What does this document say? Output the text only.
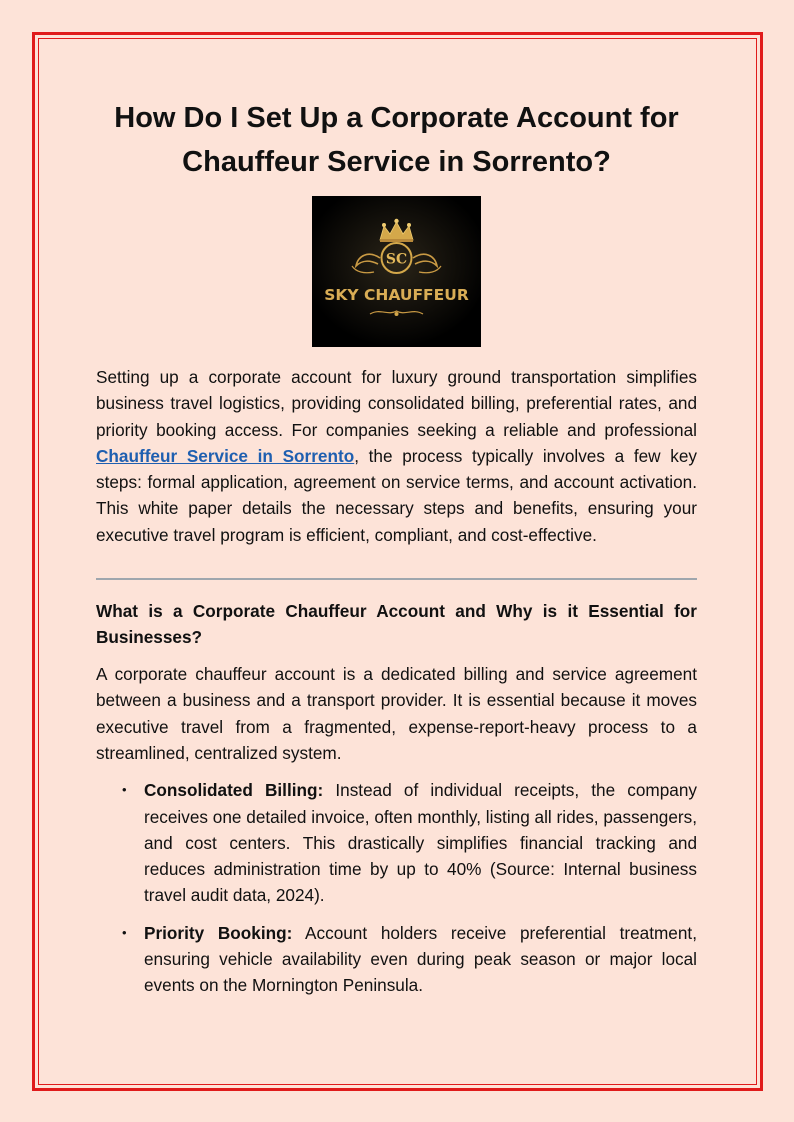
How Do I Set Up a Corporate Account for Chauffeur Service in Sorrento?
SC
SKY CHAUFFEUR

Setting up a corporate account for luxury ground transportation simplifies business travel logistics, providing consolidated billing, preferential rates, and priority booking access. For companies seeking a reliable and professional Chauffeur Service in Sorrento, the process typically involves a few key steps: formal application, agreement on service terms, and account activation. This white paper details the necessary steps and benefits, ensuring your executive travel program is efficient, compliant, and cost-effective.

What is a Corporate Chauffeur Account and Why is it Essential for Businesses?

A corporate chauffeur account is a dedicated billing and service agreement between a business and a transport provider. It is essential because it moves executive travel from a fragmented, expense-report-heavy process to a streamlined, centralized system.

• Consolidated Billing: Instead of individual receipts, the company receives one detailed invoice, often monthly, listing all rides, passengers, and cost centers. This drastically simplifies financial tracking and reduces administration time by up to 40% (Source: Internal business travel audit data, 2024).
• Priority Booking: Account holders receive preferential treatment, ensuring vehicle availability even during peak season or major local events on the Mornington Peninsula.
